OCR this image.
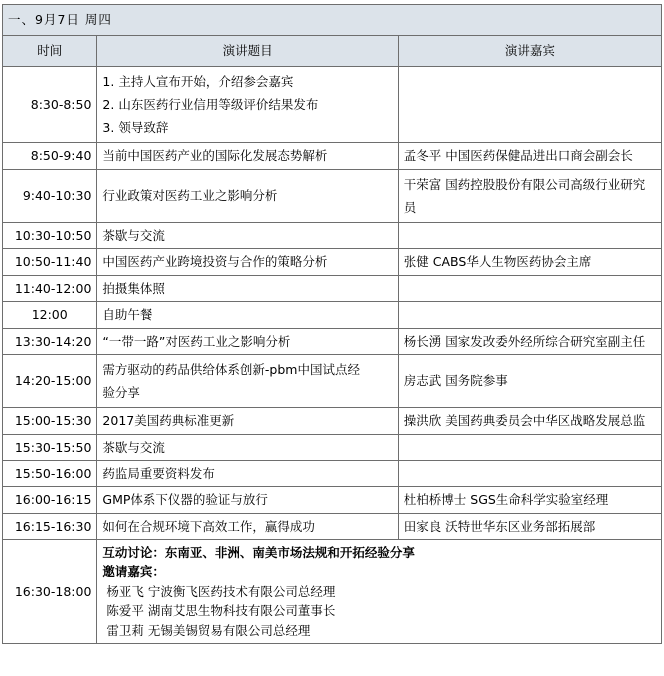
一、9月7日 周四		
时间	演讲题目	演讲嘉宾
8:30-8:50	1. 主持人宣布开始，介绍参会嘉宾
2. 山东医药行业信用等级评价结果发布
3. 领导致辞	

8:50-9:40	当前中国医药产业的国际化发展态势解析	孟冬平 中国医药保健品进出口商会副会长
9:40-10:30	行业政策对医药工业之影响分析	干荣富 国药控股股份有限公司高级行业研究
员

10:30-10:50	茶歇与交流	
10:50-11:40	中国医药产业跨境投资与合作的策略分析	张健 CABS华人生物医药协会主席
11:40-12:00	拍摄集体照	
12:00	自助午餐	
13:30-14:20	“一带一路”对医药工业之影响分析	杨长湧 国家发改委外经所综合研究室副主任
14:20-15:00	需方驱动的药品供给体系创新-pbm中国试点经
验分享	房志武 国务院参事
15:00-15:30	2017美国药典标准更新	操洪欣 美国药典委员会中华区战略发展总监
15:30-15:50	茶歇与交流	
15:50-16:00	药监局重要资料发布	
16:00-16:15	GMP体系下仪器的验证与放行	杜柏桥博士 SGS生命科学实验室经理
16:15-16:30	如何在合规环境下高效工作，赢得成功	田家良 沃特世华东区业务部拓展部
16:30-18:00	互动讨论：东南亚、非洲、南美市场法规和开拓经验分享
邀请嘉宾：
杨亚飞 宁波衡飞医药技术有限公司总经理
陈爱平 湖南艾思生物科技有限公司董事长
雷卫莉 无锡美锡贸易有限公司总经理	
